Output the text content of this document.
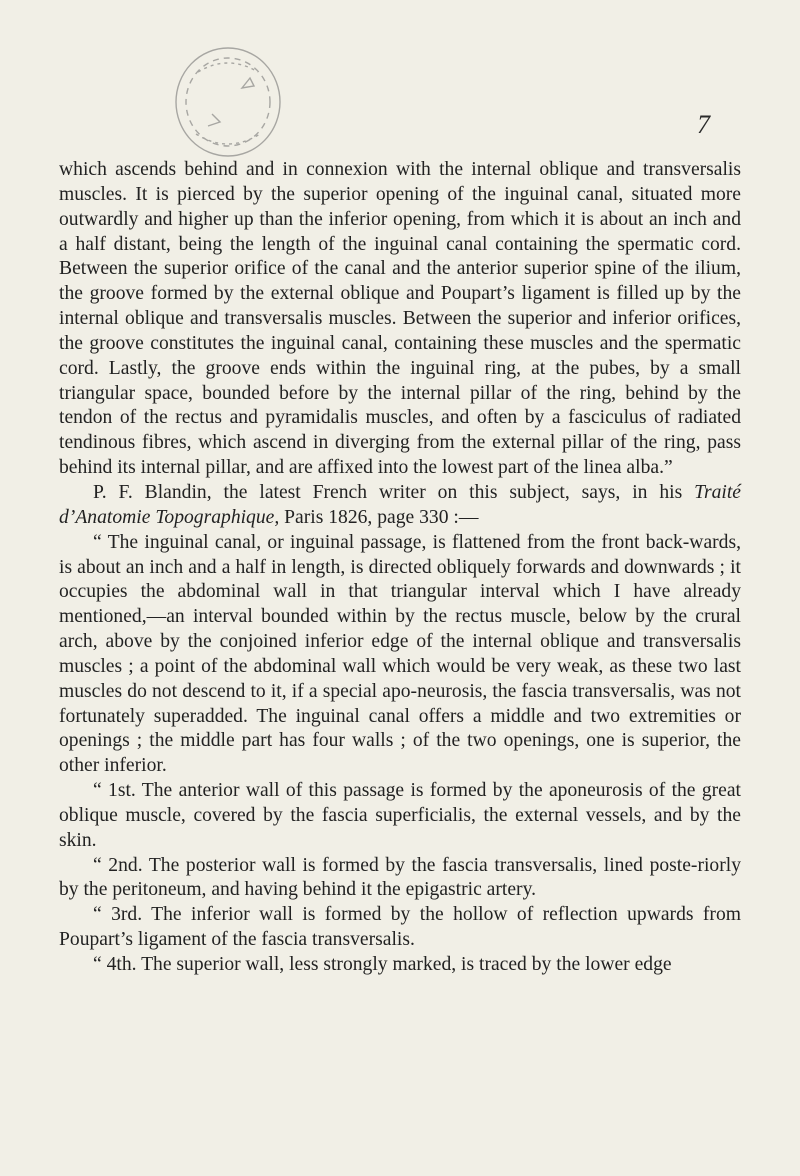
7

which ascends behind and in connexion with the internal oblique and transversalis muscles. It is pierced by the superior opening of the inguinal canal, situated more outwardly and higher up than the inferior opening, from which it is about an inch and a half distant, being the length of the inguinal canal containing the spermatic cord. Between the superior orifice of the canal and the anterior superior spine of the ilium, the groove formed by the external oblique and Poupart’s ligament is filled up by the internal oblique and transversalis muscles. Between the superior and inferior orifices, the groove constitutes the inguinal canal, containing these muscles and the spermatic cord. Lastly, the groove ends within the inguinal ring, at the pubes, by a small triangular space, bounded before by the internal pillar of the ring, behind by the tendon of the rectus and pyramidalis muscles, and often by a fasciculus of radiated tendinous fibres, which ascend in diverging from the external pillar of the ring, pass behind its internal pillar, and are affixed into the lowest part of the linea alba.”

P. F. Blandin, the latest French writer on this subject, says, in his Traité d’Anatomie Topographique, Paris 1826, page 330 :—

“ The inguinal canal, or inguinal passage, is flattened from the front back-wards, is about an inch and a half in length, is directed obliquely forwards and downwards ; it occupies the abdominal wall in that triangular interval which I have already mentioned,—an interval bounded within by the rectus muscle, below by the crural arch, above by the conjoined inferior edge of the internal oblique and transversalis muscles ; a point of the abdominal wall which would be very weak, as these two last muscles do not descend to it, if a special apo-neurosis, the fascia transversalis, was not fortunately superadded. The inguinal canal offers a middle and two extremities or openings ; the middle part has four walls ; of the two openings, one is superior, the other inferior.

“ 1st. The anterior wall of this passage is formed by the aponeurosis of the great oblique muscle, covered by the fascia superficialis, the external vessels, and by the skin.

“ 2nd. The posterior wall is formed by the fascia transversalis, lined poste-riorly by the peritoneum, and having behind it the epigastric artery.

“ 3rd. The inferior wall is formed by the hollow of reflection upwards from Poupart’s ligament of the fascia transversalis.

“ 4th. The superior wall, less strongly marked, is traced by the lower edge
